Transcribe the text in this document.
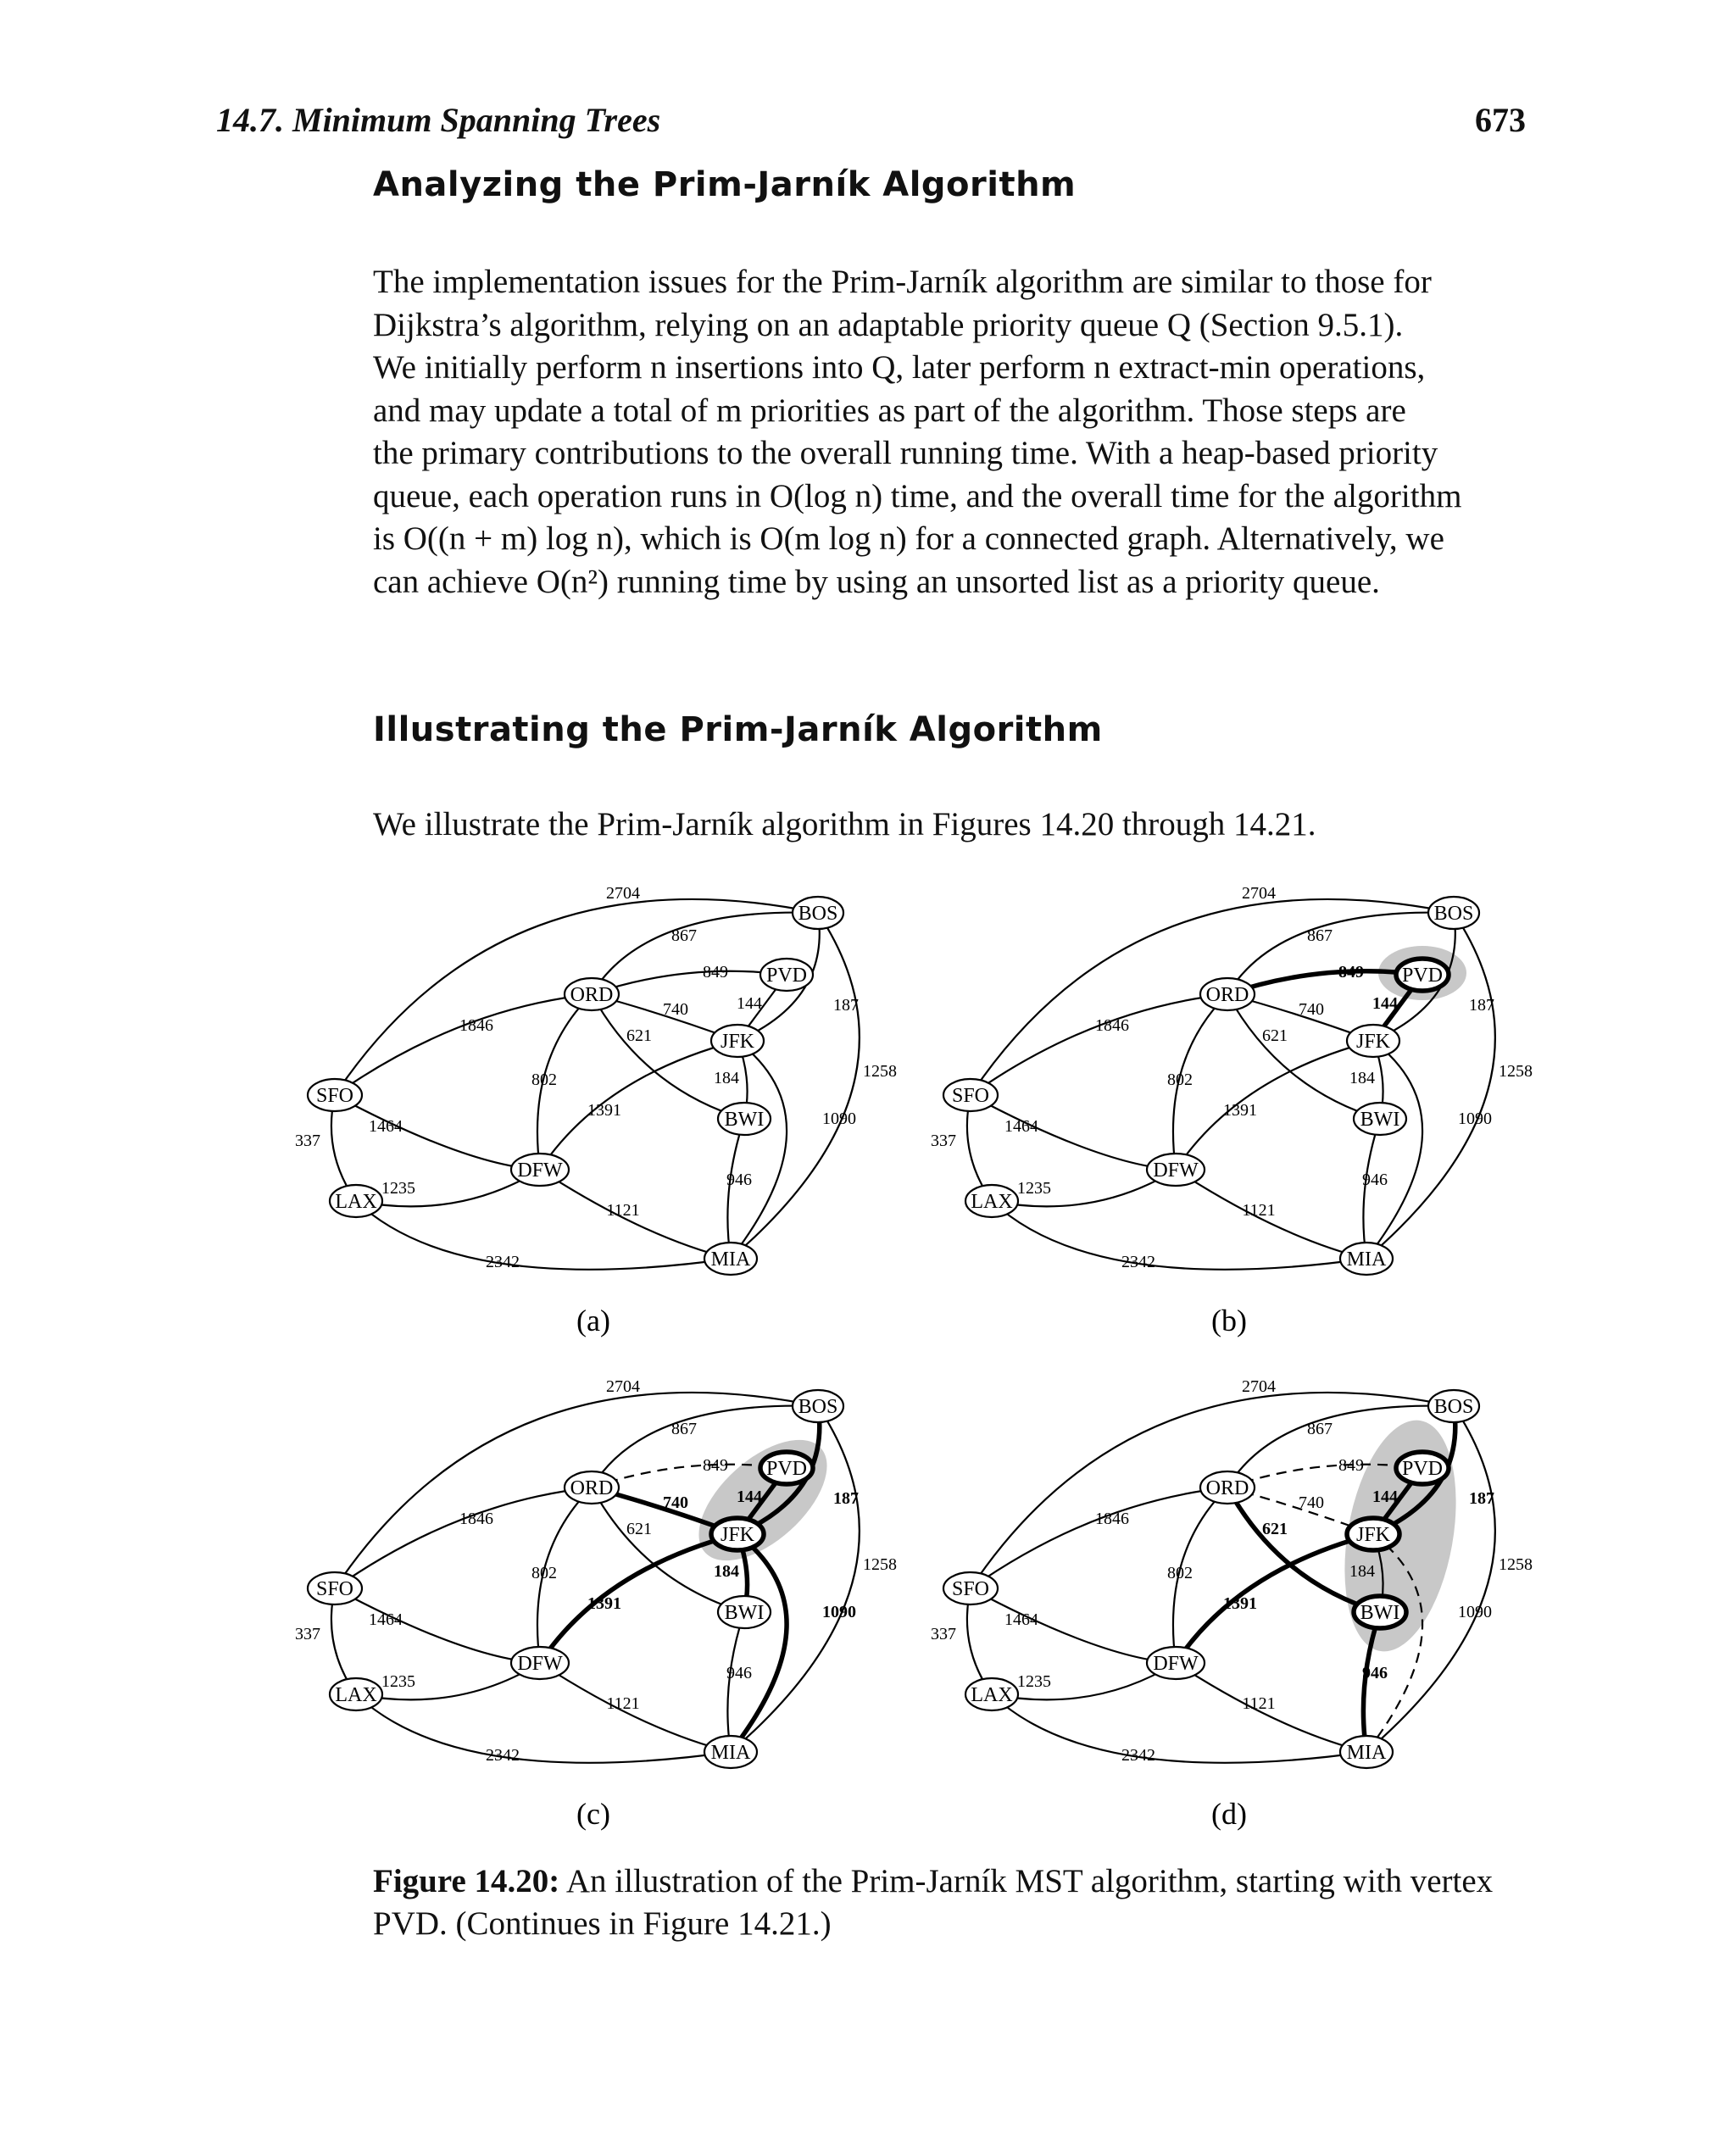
14.7. Minimum Spanning Trees	673
Analyzing the Prim-Jarník Algorithm
The implementation issues for the Prim-Jarník algorithm are similar to those for
Dijkstra’s algorithm, relying on an adaptable priority queue Q (Section 9.5.1).
We initially perform n insertions into Q, later perform n extract-min operations,
and may update a total of m priorities as part of the algorithm. Those steps are
the primary contributions to the overall running time. With a heap-based priority
queue, each operation runs in O(log n) time, and the overall time for the algorithm
is O((n + m) log n), which is O(m log n) for a connected graph. Alternatively, we
can achieve O(n²) running time by using an unsorted list as a priority queue.
Illustrating the Prim-Jarník Algorithm

We illustrate the Prim-Jarník algorithm in Figures 14.20 through 14.21.

2704
867
849
144	187
740
621
1846
184	1258
802
1391	1090
1464
337
946
1235
1121
2342
BOS
PVD
ORD
JFK
SFO
BWI
DFW
LAX
MIA
(a)
2704
867
849
144	187
740
621
1846
184	1258
802
1391	1090
1464
337
946
1235
1121
2342
BOS
PVD
ORD
JFK
SFO
BWI
DFW
LAX
MIA
(b)
2704
867
849
144	187
740
621
1846
184	1258
802
1391	1090
1464
337
946
1235
1121
2342
BOS
PVD
ORD
JFK
SFO
BWI
DFW
LAX
MIA
(c)
2704
867
849
144	187
740
621
1846
184	1258
802
1391	1090
1464
337
946
1235
1121
2342
BOS
PVD
ORD
JFK
SFO
BWI
DFW
LAX
MIA
(d)

Figure 14.20: An illustration of the Prim-Jarník MST algorithm, starting with vertex PVD. (Continues in Figure 14.21.)
